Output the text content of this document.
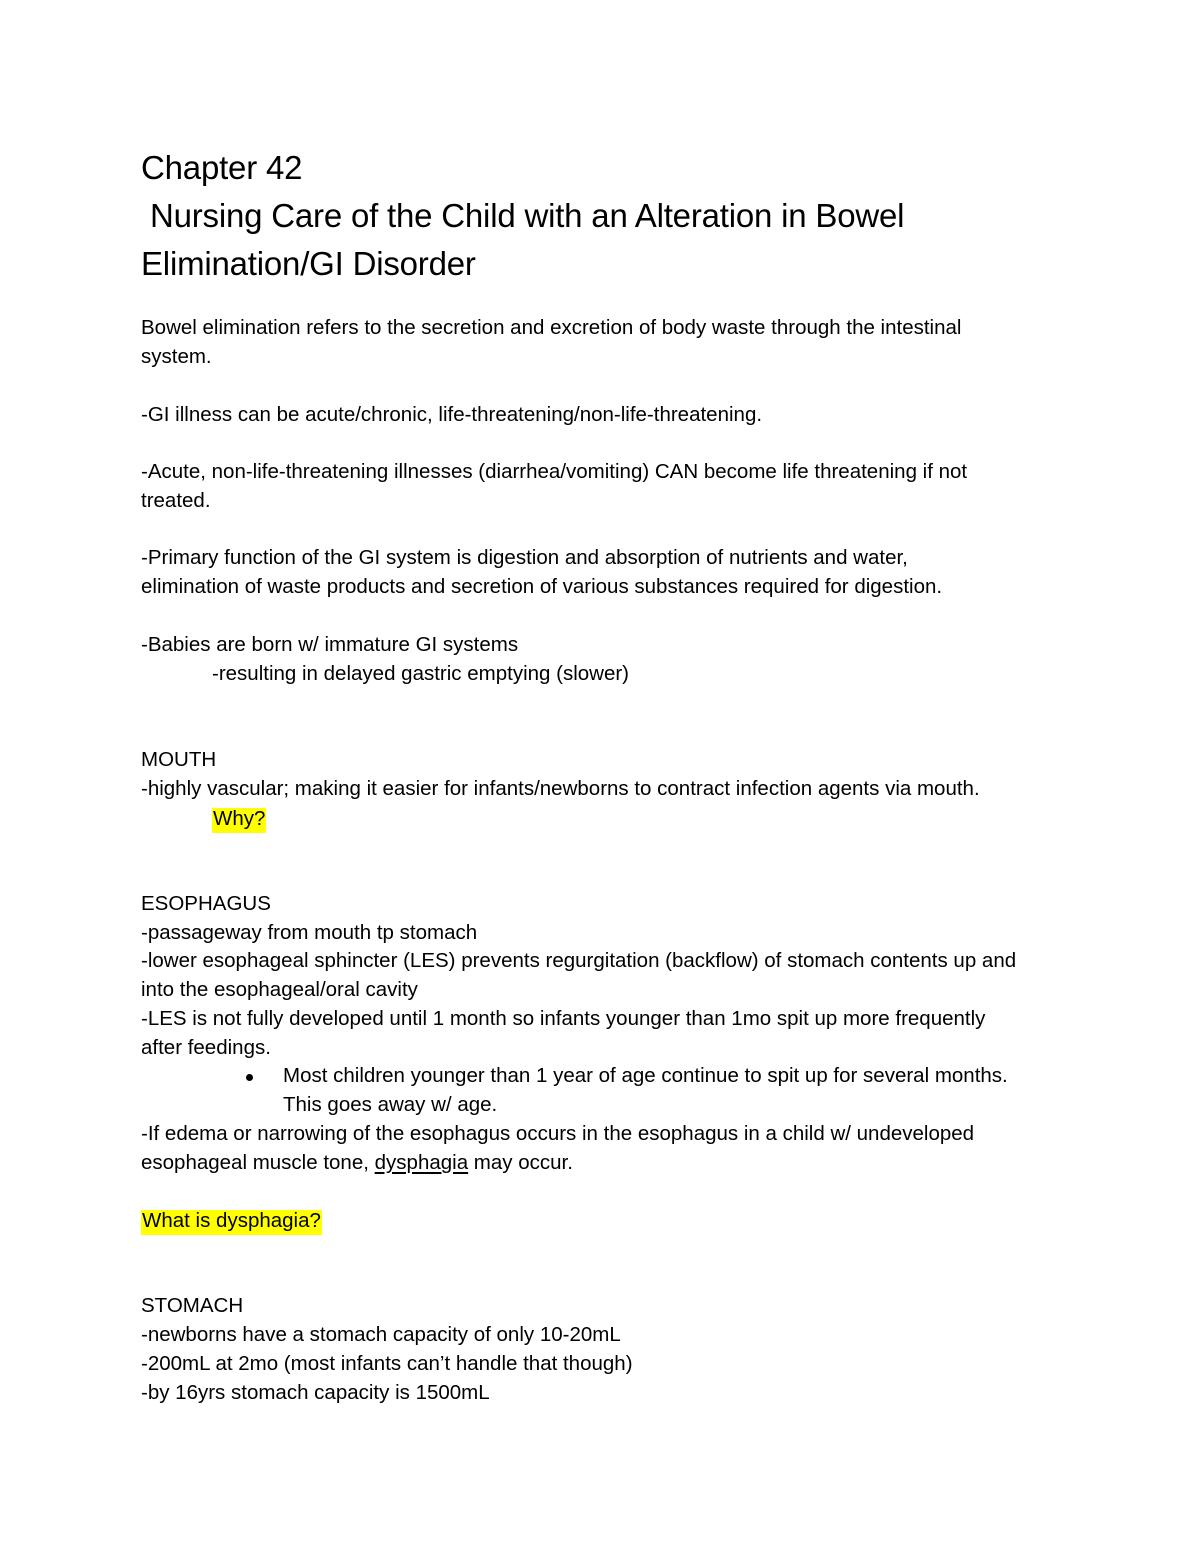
Chapter 42
Nursing Care of the Child with an Alteration in Bowel
Elimination/GI Disorder
Bowel elimination refers to the secretion and excretion of body waste through the intestinal
system.
-GI illness can be acute/chronic, life-threatening/non-life-threatening.
-Acute, non-life-threatening illnesses (diarrhea/vomiting) CAN become life threatening if not
treated.
-Primary function of the GI system is digestion and absorption of nutrients and water,
elimination of waste products and secretion of various substances required for digestion.
-Babies are born w/ immature GI systems
-resulting in delayed gastric emptying (slower)
MOUTH
-highly vascular; making it easier for infants/newborns to contract infection agents via mouth.
Why?
ESOPHAGUS
-passageway from mouth tp stomach
-lower esophageal sphincter (LES) prevents regurgitation (backflow) of stomach contents up and
into the esophageal/oral cavity
-LES is not fully developed until 1 month so infants younger than 1mo spit up more frequently
after feedings.
Most children younger than 1 year of age continue to spit up for several months.
This goes away w/ age.
-If edema or narrowing of the esophagus occurs in the esophagus in a child w/ undeveloped
esophageal muscle tone, dysphagia may occur.
What is dysphagia?
STOMACH
-newborns have a stomach capacity of only 10-20mL
-200mL at 2mo (most infants can’t handle that though)
-by 16yrs stomach capacity is 1500mL
